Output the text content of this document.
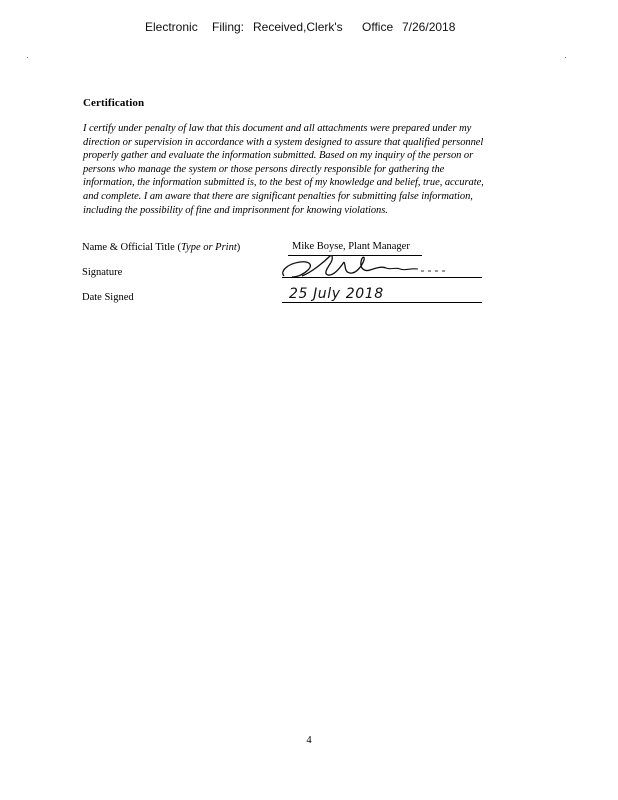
Electronic Filing: Received,Clerk's Office 7/26/2018
Certification
I certify under penalty of law that this document and all attachments were prepared under my
direction or supervision in accordance with a system designed to assure that qualified personnel
properly gather and evaluate the information submitted. Based on my inquiry of the person or
persons who manage the system or those persons directly responsible for gathering the
information, the information submitted is, to the best of my knowledge and belief, true, accurate,
and complete. I am aware that there are significant penalties for submitting false information,
including the possibility of fine and imprisonment for knowing violations.
Name & Official Title (Type or Print)	Mike Boyse, Plant Manager
Signature
Date Signed	25 July 2018
4
